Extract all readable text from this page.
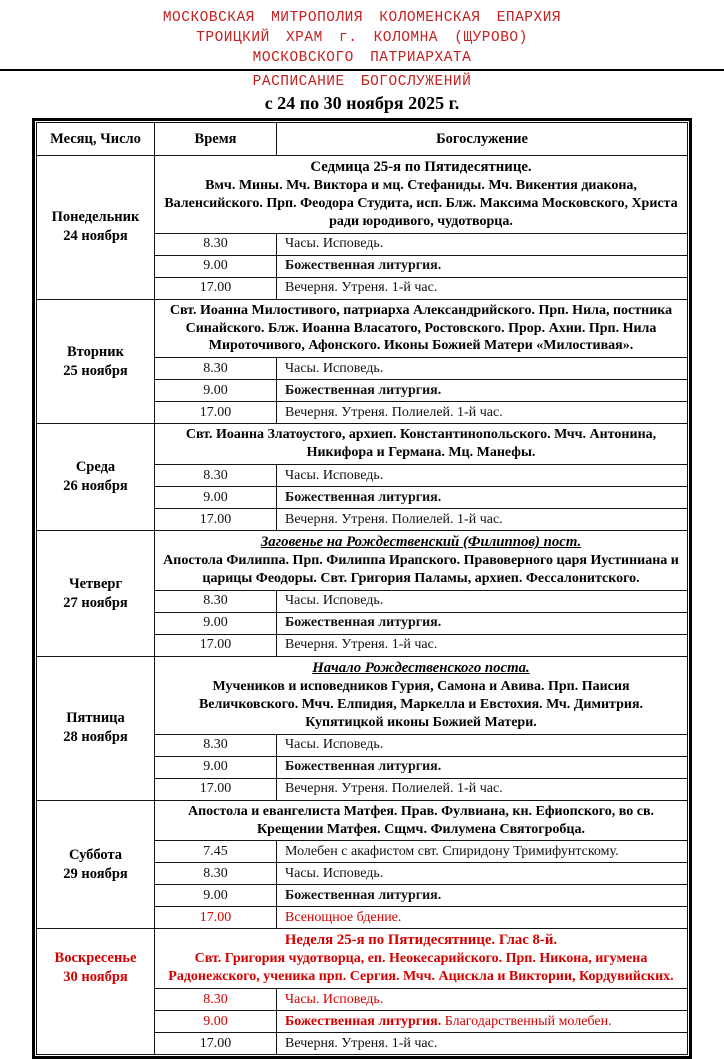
МОСКОВСКАЯ МИТРОПОЛИЯ КОЛОМЕНСКАЯ ЕПАРХИЯ
ТРОИЦКИЙ ХРАМ г. КОЛОМНА (ЩУРОВО)
МОСКОВСКОГО ПАТРИАРХАТА
РАСПИСАНИЕ БОГОСЛУЖЕНИЙ
с 24 по 30 ноября 2025 г.
Месяц, Число	Время	Богослужение

Понедельник
24 ноября

Седмица 25-я по Пятидесятнице.
Вмч. Мины. Мч. Виктора и мц. Стефаниды. Мч. Викентия диакона, Валенсийского. Прп. Феодора Студита, исп. Блж. Максима Московского, Христа ради юродивого, чудотворца.
	8.30	Часы. Исповедь.
	9.00	Божественная литургия.
	17.00	Вечерня. Утреня. 1-й час.

Вторник
25 ноября	Свт. Иоанна Милостивого, патриарха Александрийского. Прп. Нила, постника Синайского. Блж. Иоанна Власатого, Ростовского. Прор. Ахии. Прп. Нила Мироточивого, Афонского. Иконы Божией Матери «Милостивая».	
	8.30	Часы. Исповедь.
	9.00	Божественная литургия.
	17.00	Вечерня. Утреня. Полиелей. 1-й час.

Среда
26 ноября	Свт. Иоанна Златоустого, архиеп. Константинопольского. Мчч. Антонина, Никифора и Германа. Мц. Манефы.	
	8.30	Часы. Исповедь.
	9.00	Божественная литургия.
	17.00	Вечерня. Утреня. Полиелей. 1-й час.

Четверг
27 ноября

Заговенье на Рождественский (Филиппов) пост.
Апостола Филиппа. Прп. Филиппа Ирапского. Правоверного царя Иустиниана и царицы Феодоры. Свт. Григория Паламы, архиеп. Фессалонитского.
	8.30	Часы. Исповедь.
	9.00	Божественная литургия.
	17.00	Вечерня. Утреня. 1-й час.

Пятница
28 ноября

Начало Рождественского поста.
Мучеников и исповедников Гурия, Самона и Авива. Прп. Паисия Величковского. Мчч. Елпидия, Маркелла и Евстохия. Мч. Димитрия. Купятицкой иконы Божией Матери.
	8.30	Часы. Исповедь.
	9.00	Божественная литургия.
	17.00	Вечерня. Утреня. Полиелей. 1-й час.

Суббота
29 ноября	Апостола и евангелиста Матфея. Прав. Фулвиана, кн. Ефиопского, во св. Крещении Матфея. Сщмч. Филумена Святогробца.	
	7.45	Молебен с акафистом свт. Спиридону Тримифунтскому.
	8.30	Часы. Исповедь.
	9.00	Божественная литургия.
	17.00	Всенощное бдение.

Воскресенье
30 ноября

Неделя 25-я по Пятидесятнице. Глас 8-й.
Свт. Григория чудотворца, еп. Неокесарийского. Прп. Никона, игумена Радонежского, ученика прп. Сергия. Мчч. Ацискла и Виктории, Кордувийских.
	8.30	Часы. Исповедь.
	9.00	Божественная литургия. Благодарственный молебен.
	17.00	Вечерня. Утреня. 1-й час.
